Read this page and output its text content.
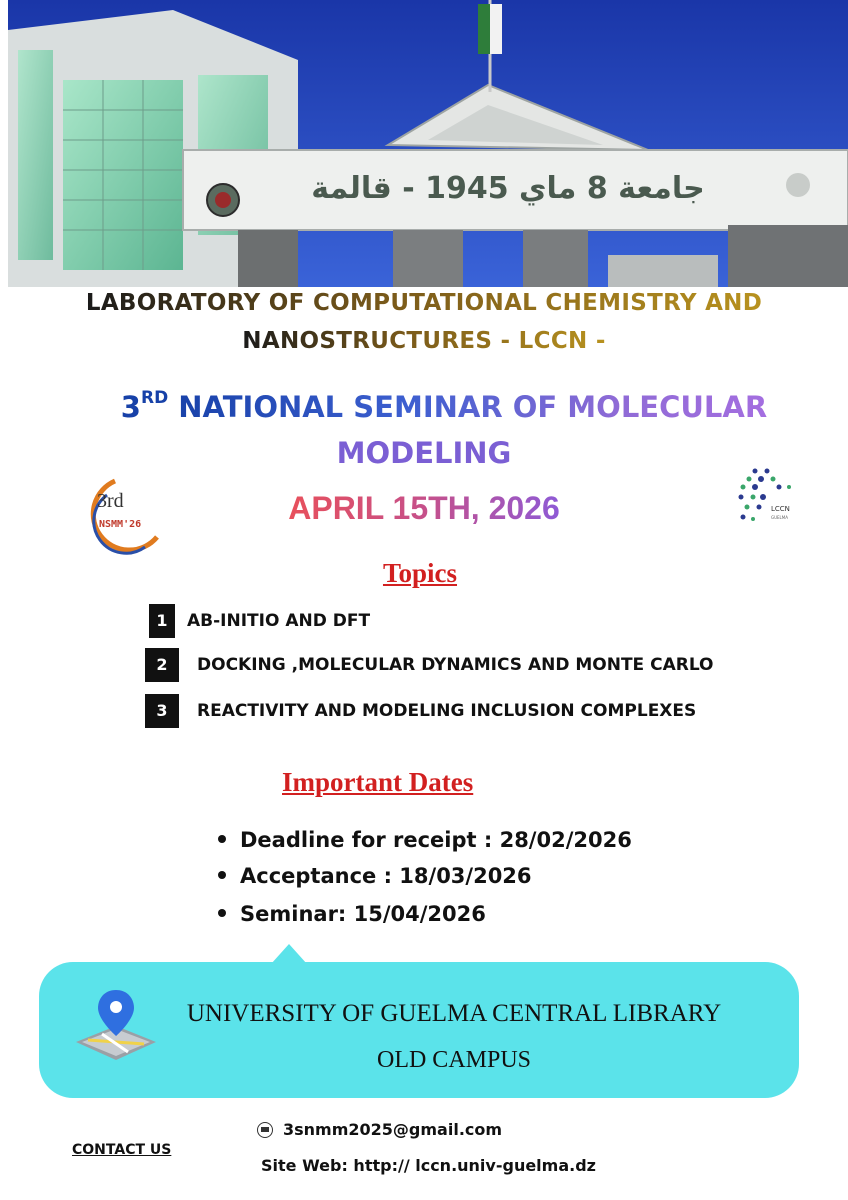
جامعة 8 ماي 1945 - قالمة
LABORATORY OF COMPUTATIONAL CHEMISTRY AND
NANOSTRUCTURES - LCCN -
3RD NATIONAL SEMINAR OF MOLECULAR
MODELING
3rd
NSMM'26	APRIL 15TH, 2026	LCCN
GUELMA
Topics
1	AB-INITIO AND DFT
2	DOCKING ,MOLECULAR DYNAMICS AND MONTE CARLO
3	REACTIVITY AND MODELING INCLUSION COMPLEXES
Important Dates
Deadline for receipt : 28/02/2026
Acceptance : 18/03/2026
Seminar: 15/04/2026
UNIVERSITY OF GUELMA CENTRAL LIBRARY
OLD CAMPUS
CONTACT US
3snmm2025@gmail.com
Site Web: http:// lccn.univ-guelma.dz
